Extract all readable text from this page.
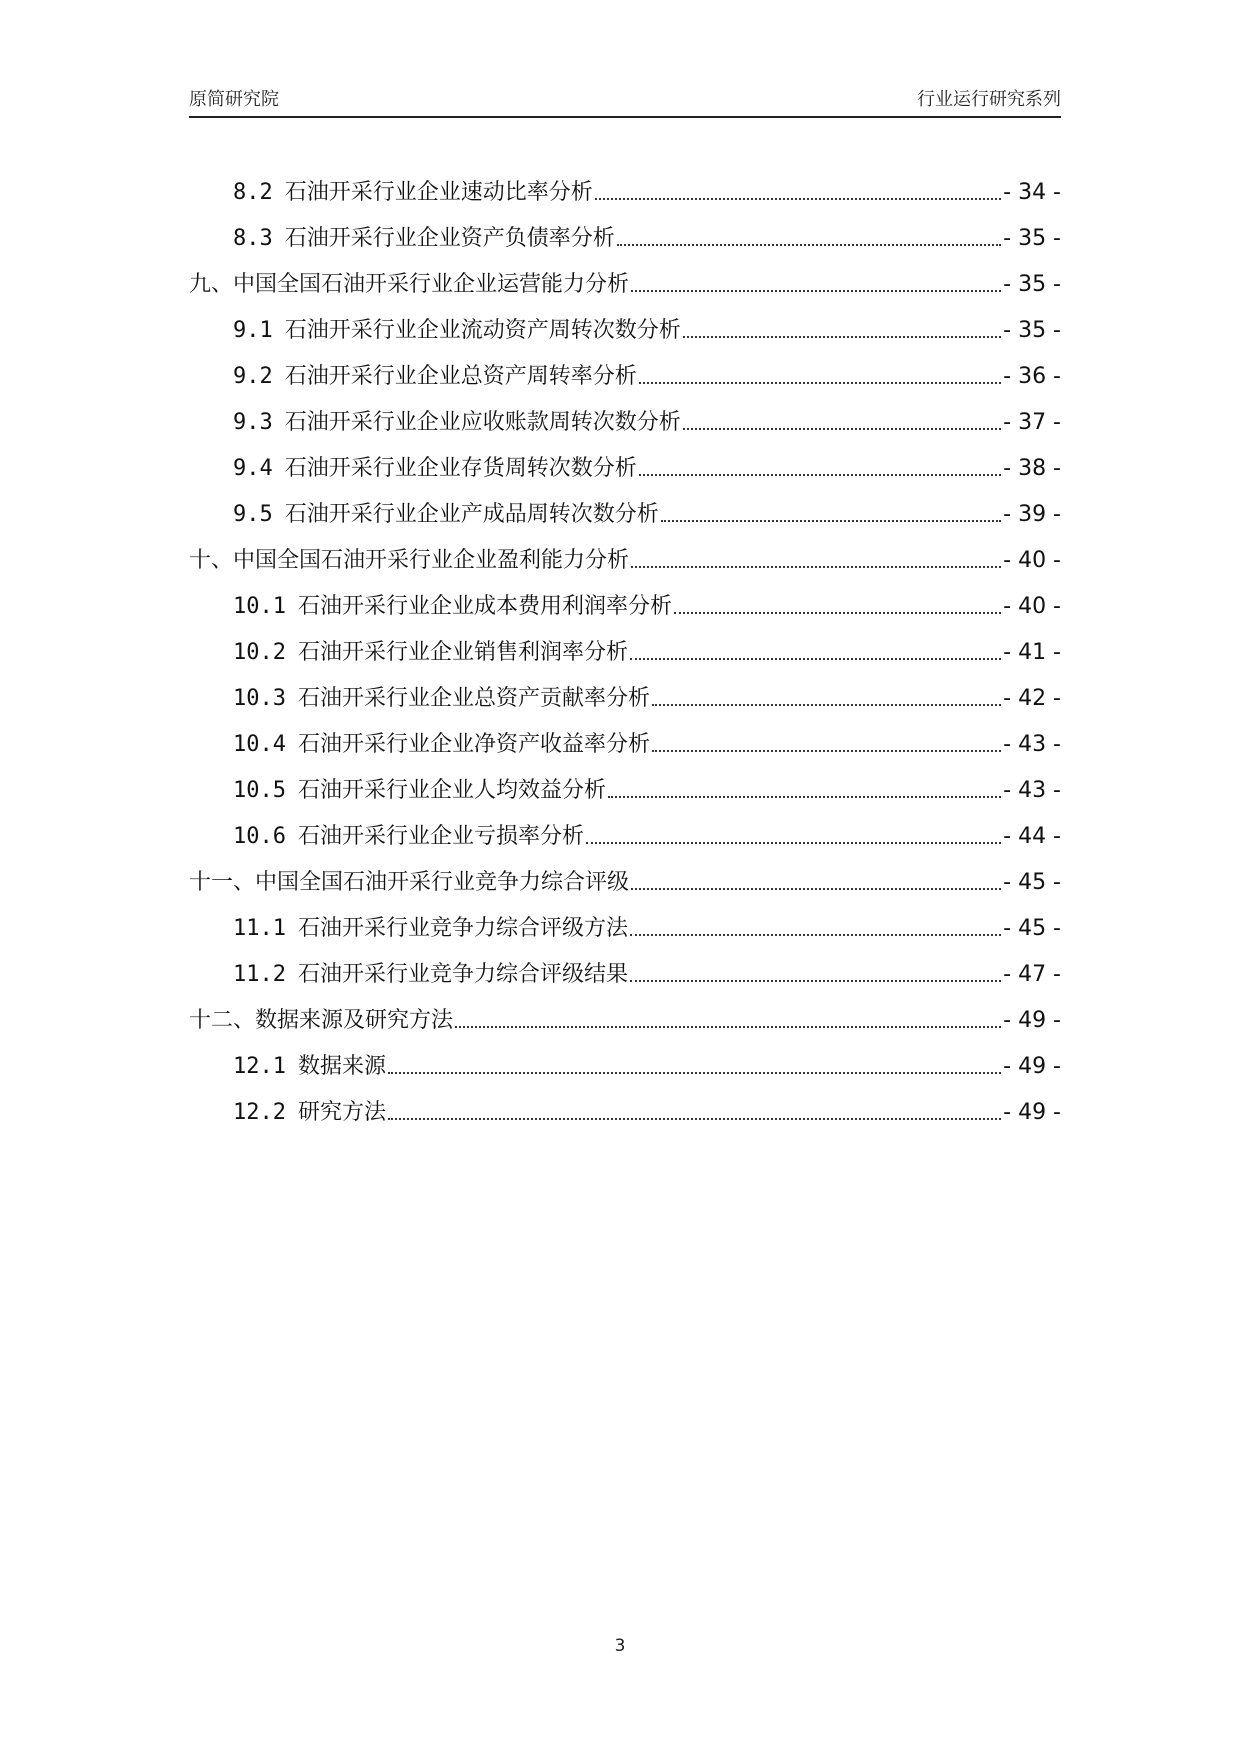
原简研究院	行业运行研究系列
8.2 石油开采行业企业速动比率分析	- 34 -
8.3 石油开采行业企业资产负债率分析	- 35 -
九、中国全国石油开采行业企业运营能力分析	- 35 -
9.1 石油开采行业企业流动资产周转次数分析	- 35 -
9.2 石油开采行业企业总资产周转率分析	- 36 -
9.3 石油开采行业企业应收账款周转次数分析	- 37 -
9.4 石油开采行业企业存货周转次数分析	- 38 -
9.5 石油开采行业企业产成品周转次数分析	- 39 -
十、中国全国石油开采行业企业盈利能力分析	- 40 -
10.1 石油开采行业企业成本费用利润率分析	- 40 -
10.2 石油开采行业企业销售利润率分析	- 41 -
10.3 石油开采行业企业总资产贡献率分析	- 42 -
10.4 石油开采行业企业净资产收益率分析	- 43 -
10.5 石油开采行业企业人均效益分析	- 43 -
10.6 石油开采行业企业亏损率分析	- 44 -
十一、中国全国石油开采行业竞争力综合评级	- 45 -
11.1 石油开采行业竞争力综合评级方法	- 45 -
11.2 石油开采行业竞争力综合评级结果	- 47 -
十二、数据来源及研究方法	- 49 -
12.1 数据来源	- 49 -
12.2 研究方法	- 49 -
3
